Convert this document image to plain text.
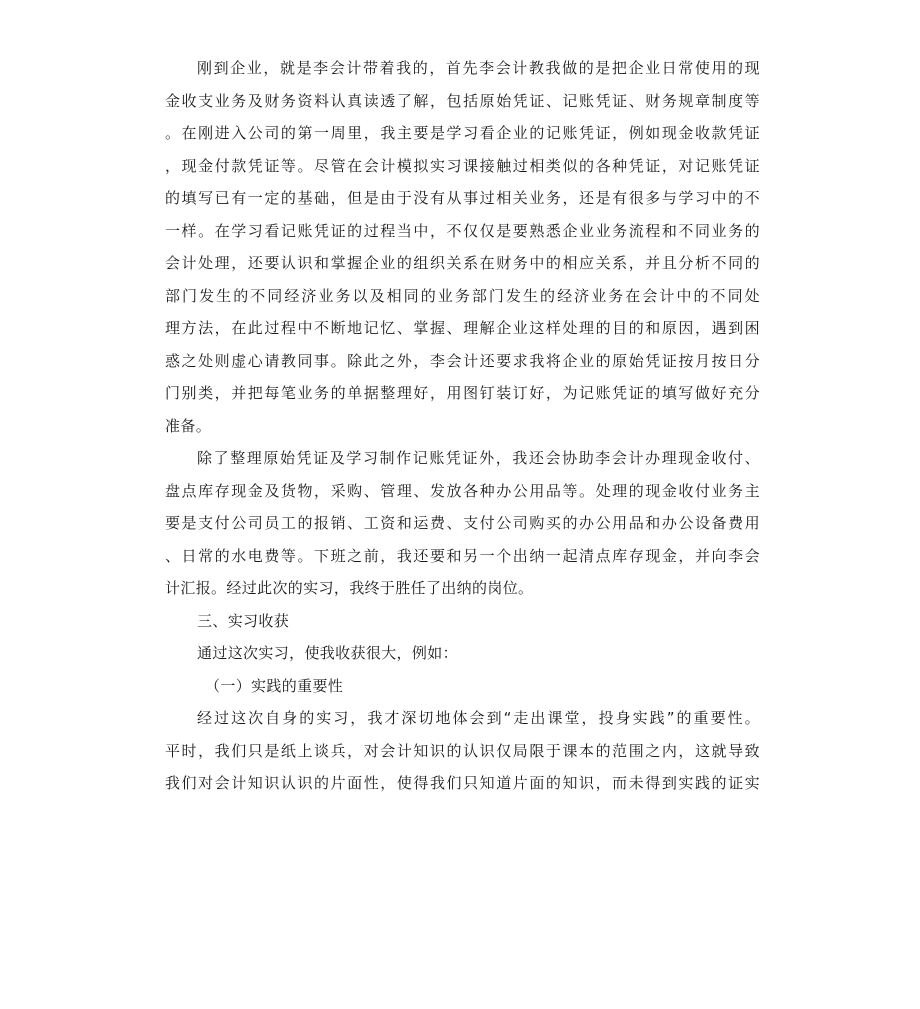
刚到企业，就是李会计带着我的，首先李会计教我做的是把企业日常使用的现
金收支业务及财务资料认真读透了解，包括原始凭证、记账凭证、财务规章制度等
。在刚进入公司的第一周里，我主要是学习看企业的记账凭证，例如现金收款凭证
，现金付款凭证等。尽管在会计模拟实习课接触过相类似的各种凭证，对记账凭证
的填写已有一定的基础，但是由于没有从事过相关业务，还是有很多与学习中的不
一样。在学习看记账凭证的过程当中，不仅仅是要熟悉企业业务流程和不同业务的
会计处理，还要认识和掌握企业的组织关系在财务中的相应关系，并且分析不同的
部门发生的不同经济业务以及相同的业务部门发生的经济业务在会计中的不同处
理方法，在此过程中不断地记忆、掌握、理解企业这样处理的目的和原因，遇到困
惑之处则虚心请教同事。除此之外，李会计还要求我将企业的原始凭证按月按日分
门别类，并把每笔业务的单据整理好，用图钉装订好，为记账凭证的填写做好充分
准备。
除了整理原始凭证及学习制作记账凭证外，我还会协助李会计办理现金收付、
盘点库存现金及货物，采购、管理、发放各种办公用品等。处理的现金收付业务主
要是支付公司员工的报销、工资和运费、支付公司购买的办公用品和办公设备费用
、日常的水电费等。下班之前，我还要和另一个出纳一起清点库存现金，并向李会
计汇报。经过此次的实习，我终于胜任了出纳的岗位。
三、实习收获
通过这次实习，使我收获很大，例如：
（一）实践的重要性
经过这次自身的实习，我才深切地体会到“走出课堂，投身实践”的重要性。
平时，我们只是纸上谈兵，对会计知识的认识仅局限于课本的范围之内，这就导致
我们对会计知识认识的片面性，使得我们只知道片面的知识，而未得到实践的证实
